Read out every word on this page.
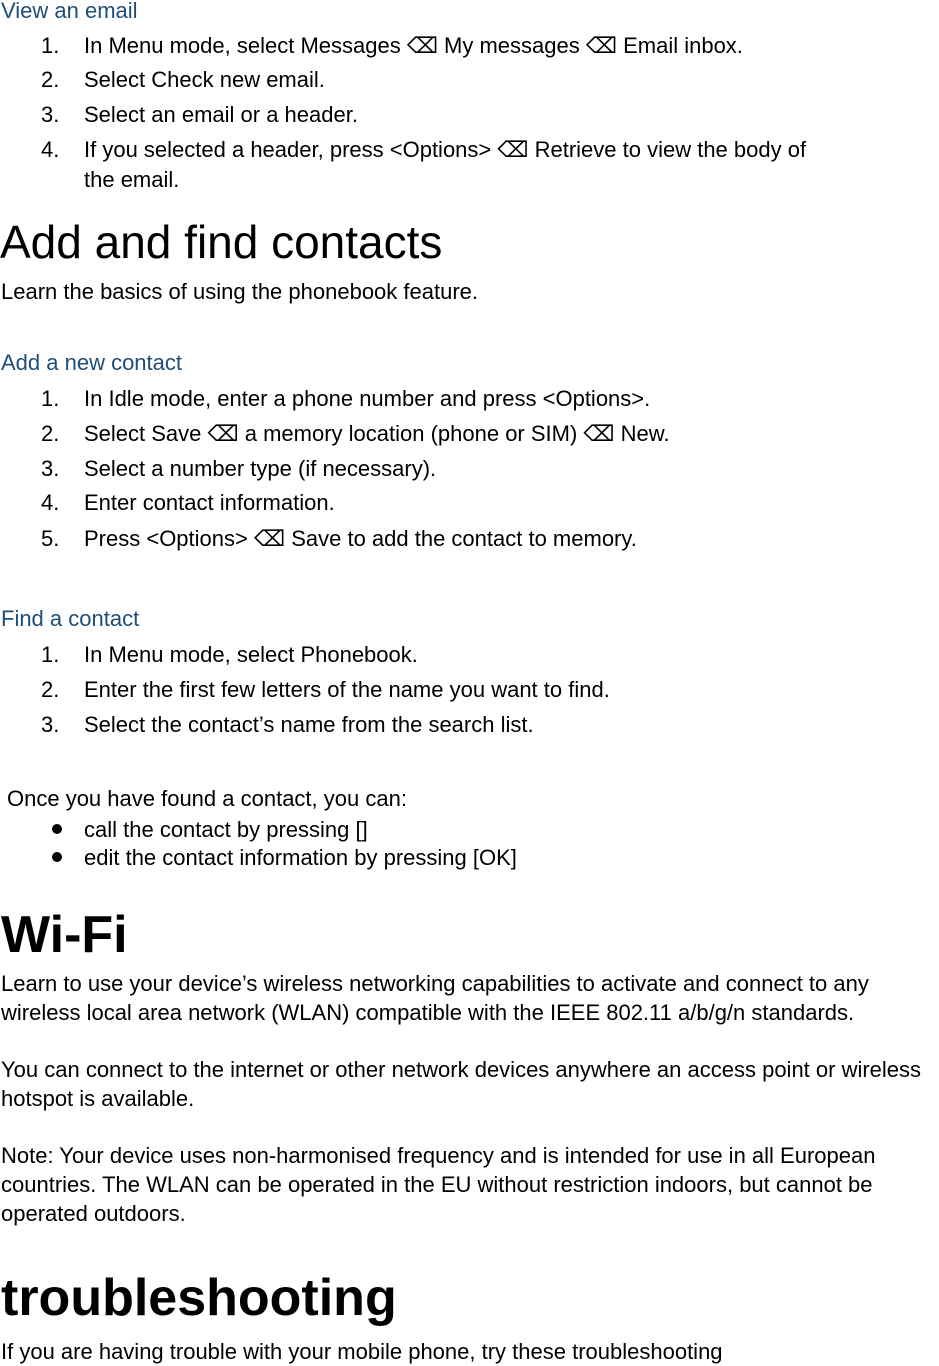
View an email
1. In Menu mode, select Messages ⌫ My messages ⌫ Email inbox.
2. Select Check new email.
3. Select an email or a header.
4. If you selected a header, press <Options> ⌫ Retrieve to view the body of
the email.
Add and find contacts
Learn the basics of using the phonebook feature.
Add a new contact
1. In Idle mode, enter a phone number and press <Options>.
2. Select Save ⌫ a memory location (phone or SIM) ⌫ New.
3. Select a number type (if necessary).
4. Enter contact information.
5. Press <Options> ⌫ Save to add the contact to memory.
Find a contact
1. In Menu mode, select Phonebook.
2. Enter the first few letters of the name you want to find.
3. Select the contact’s name from the search list.
Once you have found a contact, you can:
call the contact by pressing []
edit the contact information by pressing [OK]
Wi-Fi
Learn to use your device’s wireless networking capabilities to activate and connect to any wireless local area network (WLAN) compatible with the IEEE 802.11 a/b/g/n standards.
You can connect to the internet or other network devices anywhere an access point or wireless hotspot is available.
Note: Your device uses non-harmonised frequency and is intended for use in all European countries. The WLAN can be operated in the EU without restriction indoors, but cannot be operated outdoors.
troubleshooting
If you are having trouble with your mobile phone, try these troubleshooting
